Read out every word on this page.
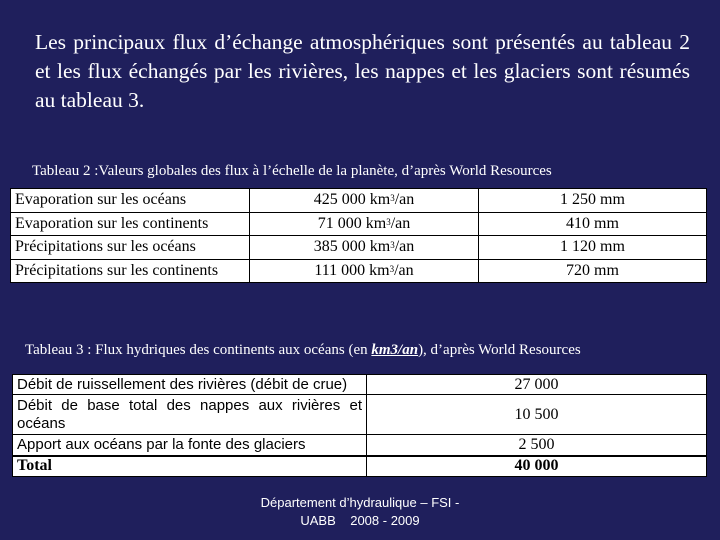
Les principaux flux d’échange atmosphériques sont présentés au tableau 2 et les flux échangés par les rivières, les nappes et les glaciers sont résumés au tableau 3.

Tableau 2 :Valeurs globales des flux à l’échelle de la planète, d’après World Resources
Evaporation sur les océans	425 000 $km^3/an$	1 250 mm
Evaporation sur les continents	71 000 $km^3/an$	410 mm
Précipitations sur les océans	385 000 $km^3/an$	1 120 mm
Précipitations sur les continents	111 000 $km^3/an$	720 mm
Tableau 3 : Flux hydriques des continents aux océans (en km3/an), d’après World Resources
Débit de ruissellement des rivières (débit de crue)	27 000
Débit de base total des nappes aux rivières et océans	10 500
Apport aux océans par la fonte des glaciers	2 500
Total	40 000
Département d’hydraulique – FSI -
UABB    2008 - 2009
